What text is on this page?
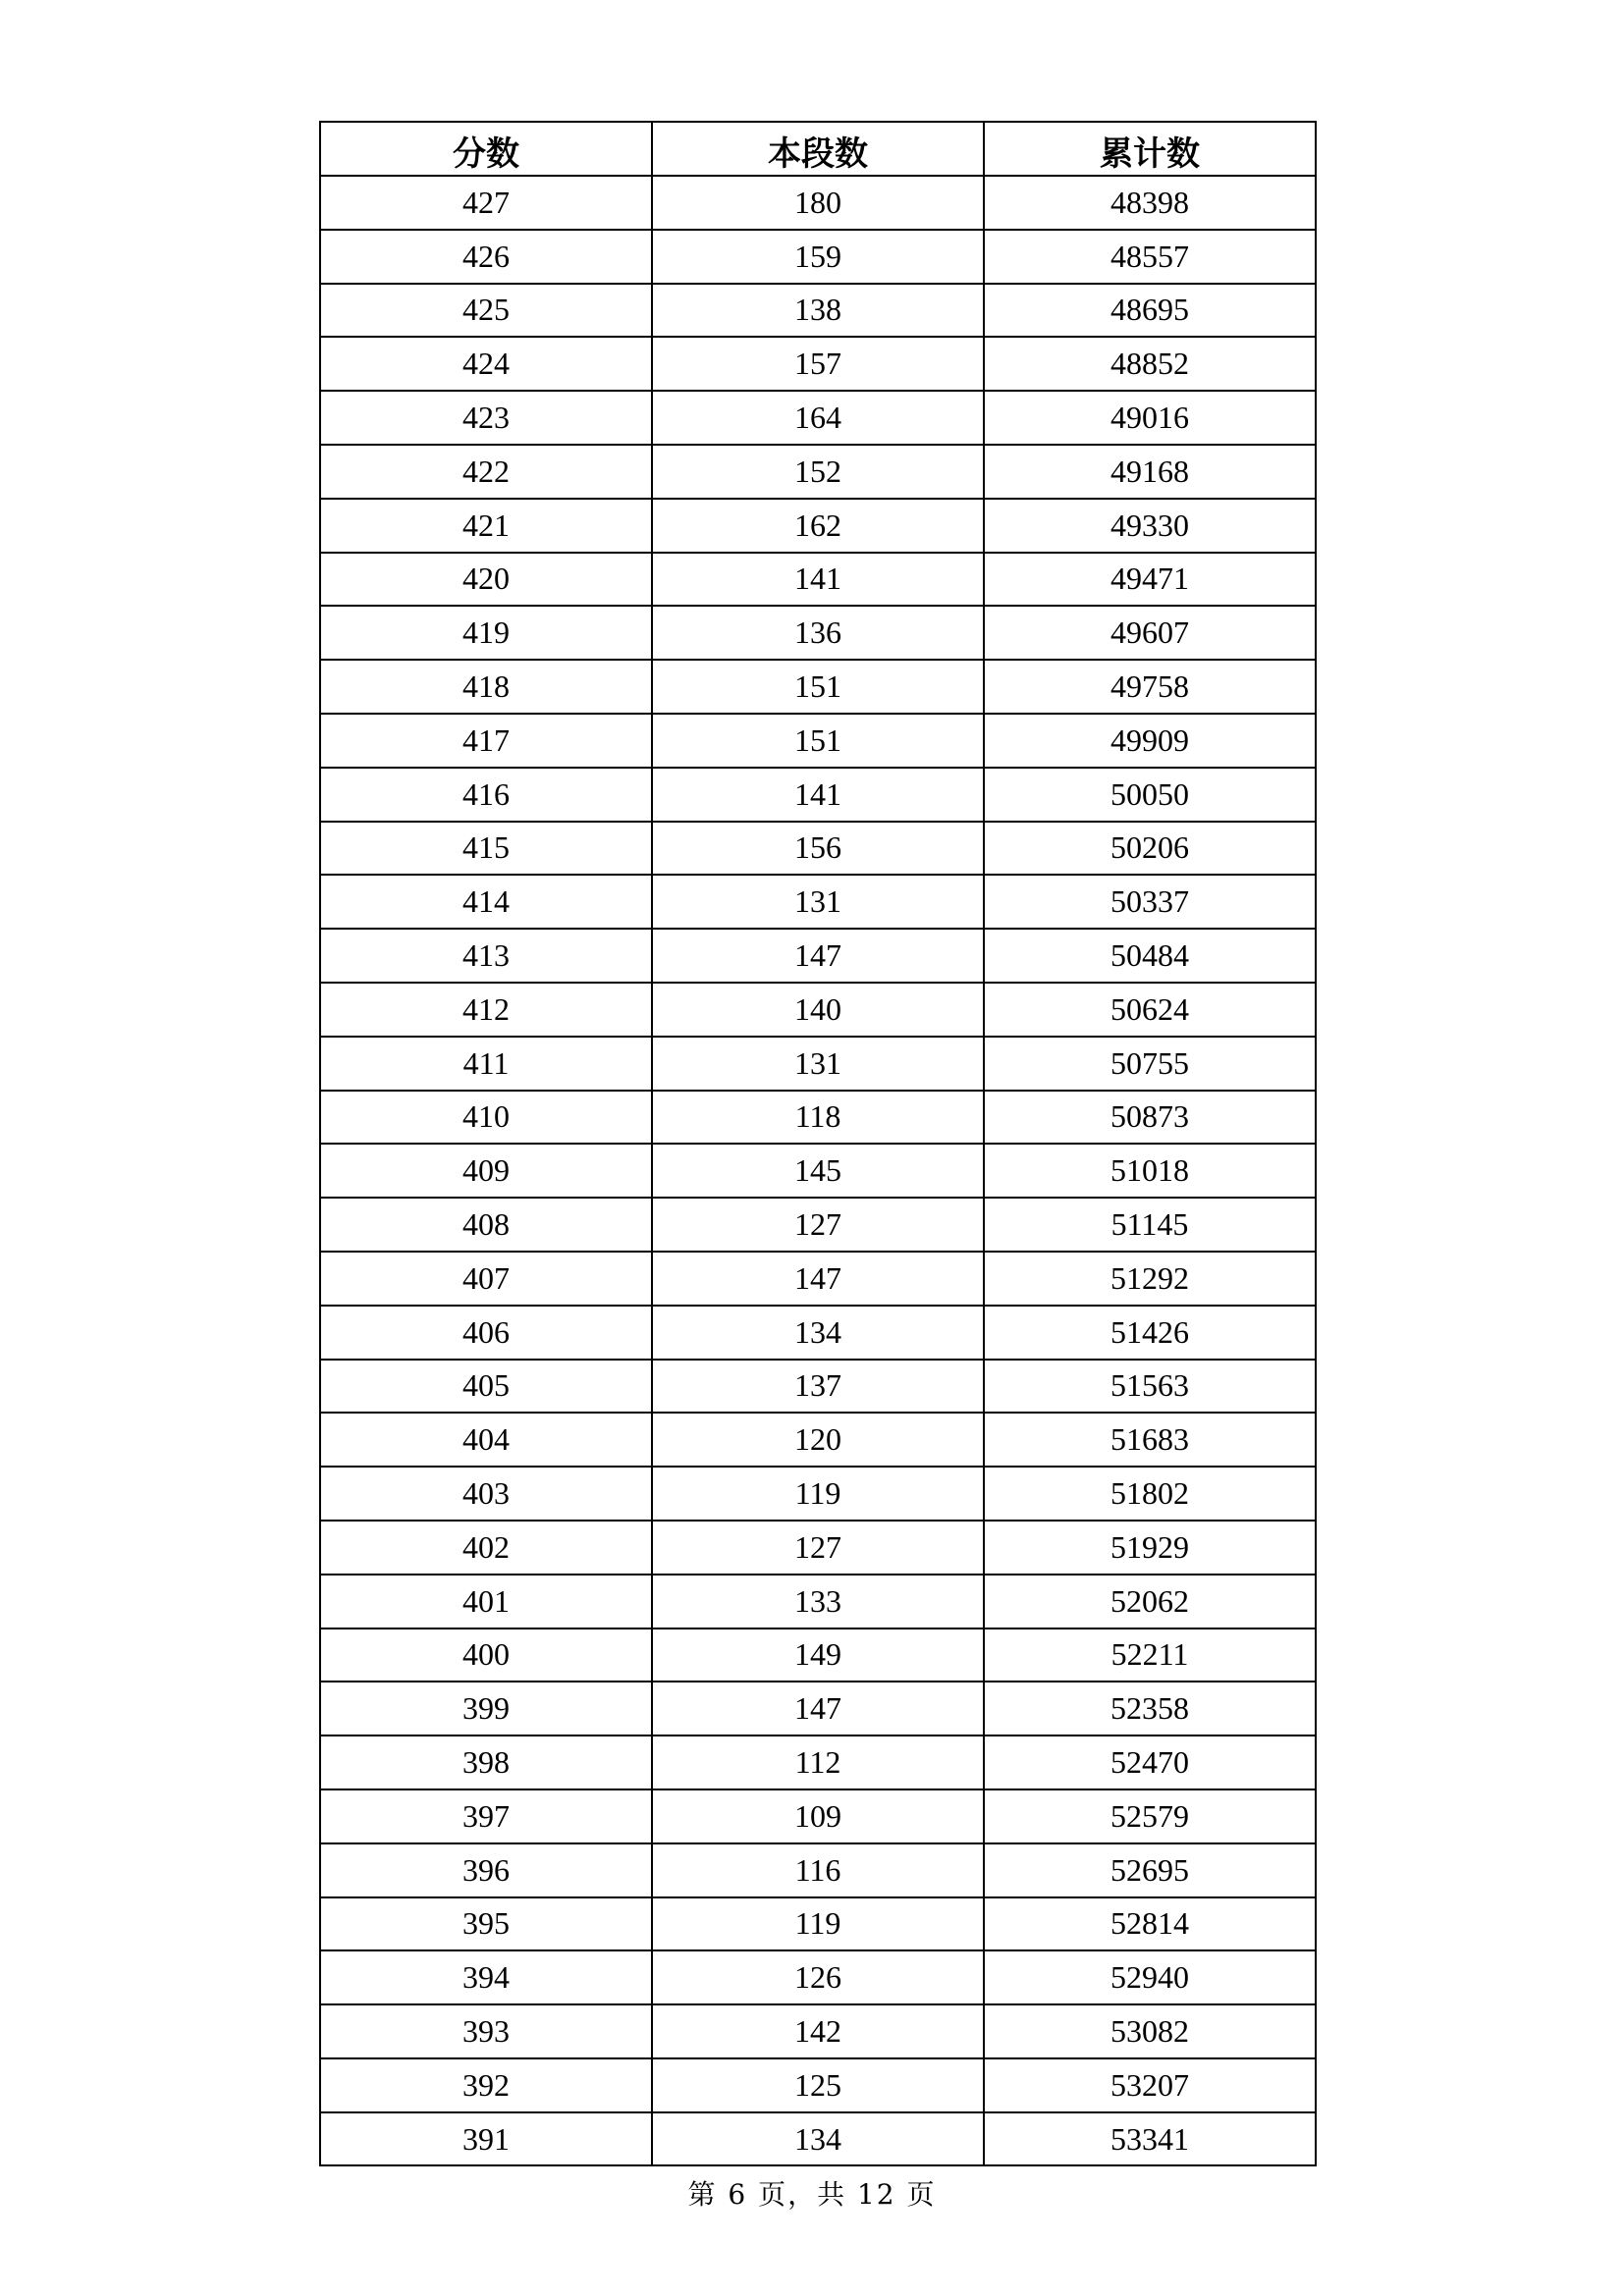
分数	本段数	累计数
427	180	48398
426	159	48557
425	138	48695
424	157	48852
423	164	49016
422	152	49168
421	162	49330
420	141	49471
419	136	49607
418	151	49758
417	151	49909
416	141	50050
415	156	50206
414	131	50337
413	147	50484
412	140	50624
411	131	50755
410	118	50873
409	145	51018
408	127	51145
407	147	51292
406	134	51426
405	137	51563
404	120	51683
403	119	51802
402	127	51929
401	133	52062
400	149	52211
399	147	52358
398	112	52470
397	109	52579
396	116	52695
395	119	52814
394	126	52940
393	142	53082
392	125	53207
391	134	53341
第 6 页，共 12 页
